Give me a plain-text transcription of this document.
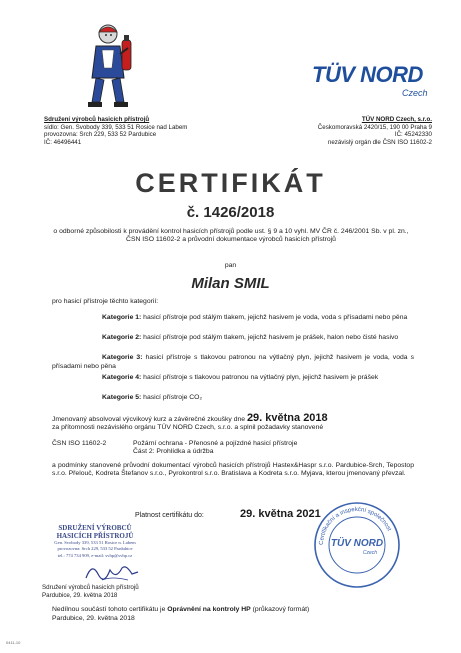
TÜV NORD
Czech
Sdružení výrobců hasicích přístrojů
sídlo: Gen. Svobody 339, 533 51 Rosice nad Labem
provozovna: Srch 229, 533 52 Pardubice
IČ: 46496441
TÜV NORD Czech, s.r.o.
Českomoravská 2420/15, 190 00 Praha 9
IČ: 45242330
nezávislý orgán dle ČSN ISO 11602-2
CERTIFIKÁT
č. 1426/2018
o odborné způsobilosti k provádění kontrol hasicích přístrojů podle ust. § 9 a 10 vyhl. MV ČR č. 246/2001 Sb. v pl. zn., ČSN ISO 11602-2 a průvodní dokumentace výrobců hasicích přístrojů
pan
Milan SMIL
pro hasicí přístroje těchto kategorií:
Kategorie 1: hasicí přístroje pod stálým tlakem, jejichž hasivem je voda, voda s přísadami nebo pěna
Kategorie 2: hasicí přístroje pod stálým tlakem, jejichž hasivem je prášek, halon nebo čisté hasivo
Kategorie 3: hasicí přístroje s tlakovou patronou na výtlačný plyn, jejichž hasivem je voda, voda s přísadami nebo pěna
Kategorie 4: hasicí přístroje s tlakovou patronou na výtlačný plyn, jejichž hasivem je prášek
Kategorie 5: hasicí přístroje CO₂
Jmenovaný absolvoval výcvikový kurz a závěrečné zkoušky dne 29. května 2018
za přítomnosti nezávislého orgánu TÜV NORD Czech, s.r.o. a splnil požadavky stanovené
ČSN ISO 11602-2	Požární ochrana - Přenosné a pojízdné hasicí přístroje
Část 2: Prohlídka a údržba
a podmínky stanovené průvodní dokumentací výrobců hasicích přístrojů Hastex&Haspr s.r.o. Pardubice-Srch, Tepostop s.r.o. Přelouč, Kodreta Štefanov s.r.o., Pyrokontrol s.r.o. Bratislava a Kodreta s.r.o. Myjava, kterou jmenovaný převzal.
Platnost certifikátu do:	29. května 2021
SDRUŽENÍ VÝROBCŮ
HASICÍCH PŘÍSTROJŮ
Gen. Svobody 339, 533 51 Rosice n. Labem
provozovna: Srch 229, 533 52 Pardubice
tel.: 774 734 909, e-mail: svhp@svhp.cz
Sdružení výrobců hasicích přístrojů
Pardubice, 29. května 2018
Certifikační a inspekční společnost
TÜV NORD
Czech
Nedílnou součástí tohoto certifikátu je Oprávnění na kontroly HP (průkazový formát)
Pardubice, 29. května 2018
0411-10
